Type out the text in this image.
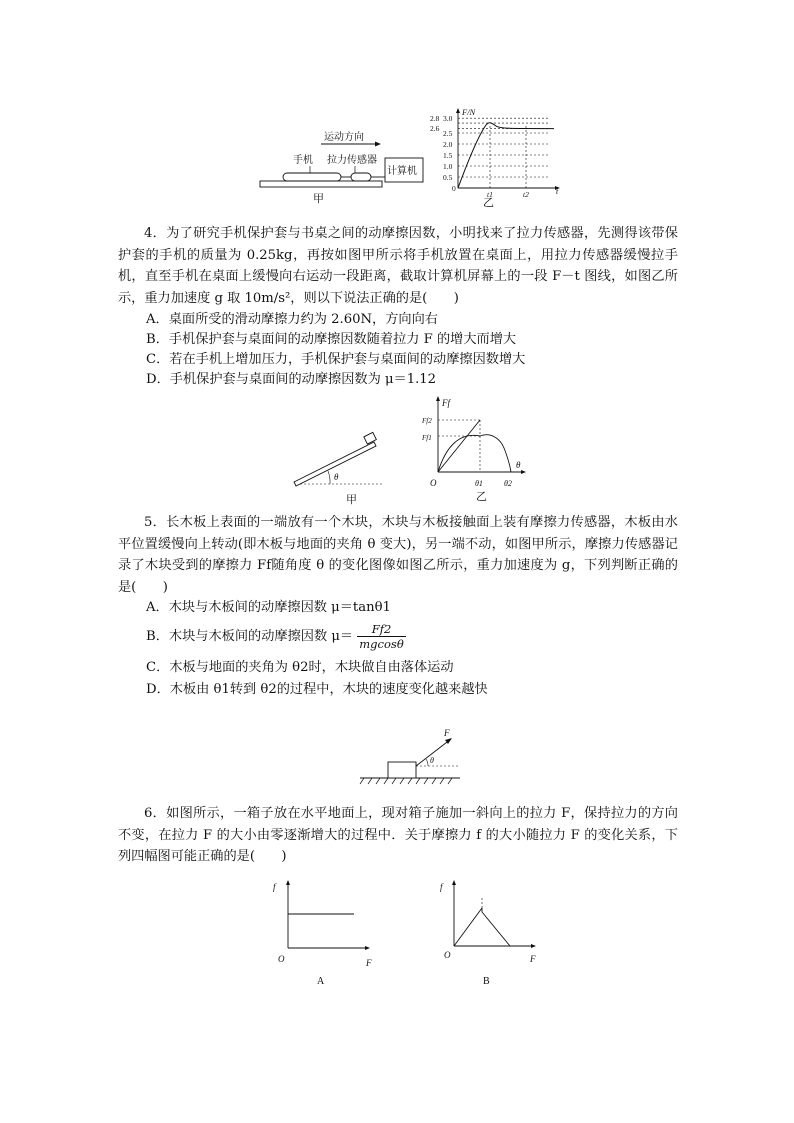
运动方向
手机 拉力传感器
计算机
甲
F/N
2.8 3.0
2.6
2.5
2.0
1.5
1.0
0.5
0
t1	t2	t
乙
4．为了研究手机保护套与书桌之间的动摩擦因数，小明找来了拉力传感器，先测得该带保护套的手机的质量为 0.25kg，再按如图甲所示将手机放置在桌面上，用拉力传感器缓慢拉手机，直至手机在桌面上缓慢向右运动一段距离，截取计算机屏幕上的一段 F－t 图线，如图乙所示，重力加速度 g 取 10m/s²，则以下说法正确的是(　　)
A．桌面所受的滑动摩擦力约为 2.60N，方向向右
B．手机保护套与桌面间的动摩擦因数随着拉力 F 的增大而增大
C．若在手机上增加压力，手机保护套与桌面间的动摩擦因数增大
D．手机保护套与桌面间的动摩擦因数为 μ＝1.12
θ
甲
Ff
Ff2
Ff1
O	θ1	θ2
θ
乙
5．长木板上表面的一端放有一个木块，木块与木板接触面上装有摩擦力传感器，木板由水平位置缓慢向上转动(即木板与地面的夹角 θ 变大)，另一端不动，如图甲所示，摩擦力传感器记录了木块受到的摩擦力 Ff随角度 θ 的变化图像如图乙所示，重力加速度为 g，下列判断正确的是(　　)
A．木块与木板间的动摩擦因数 μ＝tanθ1
B．木块与木板间的动摩擦因数 $\mu= \frac{Ff2}{mgcos\theta}$
C．木板与地面的夹角为 θ2时，木块做自由落体运动
D．木板由 θ1转到 θ2的过程中，木块的速度变化越来越快
θ
F
6．如图所示，一箱子放在水平地面上，现对箱子施加一斜向上的拉力 F，保持拉力的方向不变，在拉力 F 的大小由零逐渐增大的过程中．关于摩擦力 f 的大小随拉力 F 的变化关系，下列四幅图可能正确的是(　　)
f
O	F
A
f
O	F
B
